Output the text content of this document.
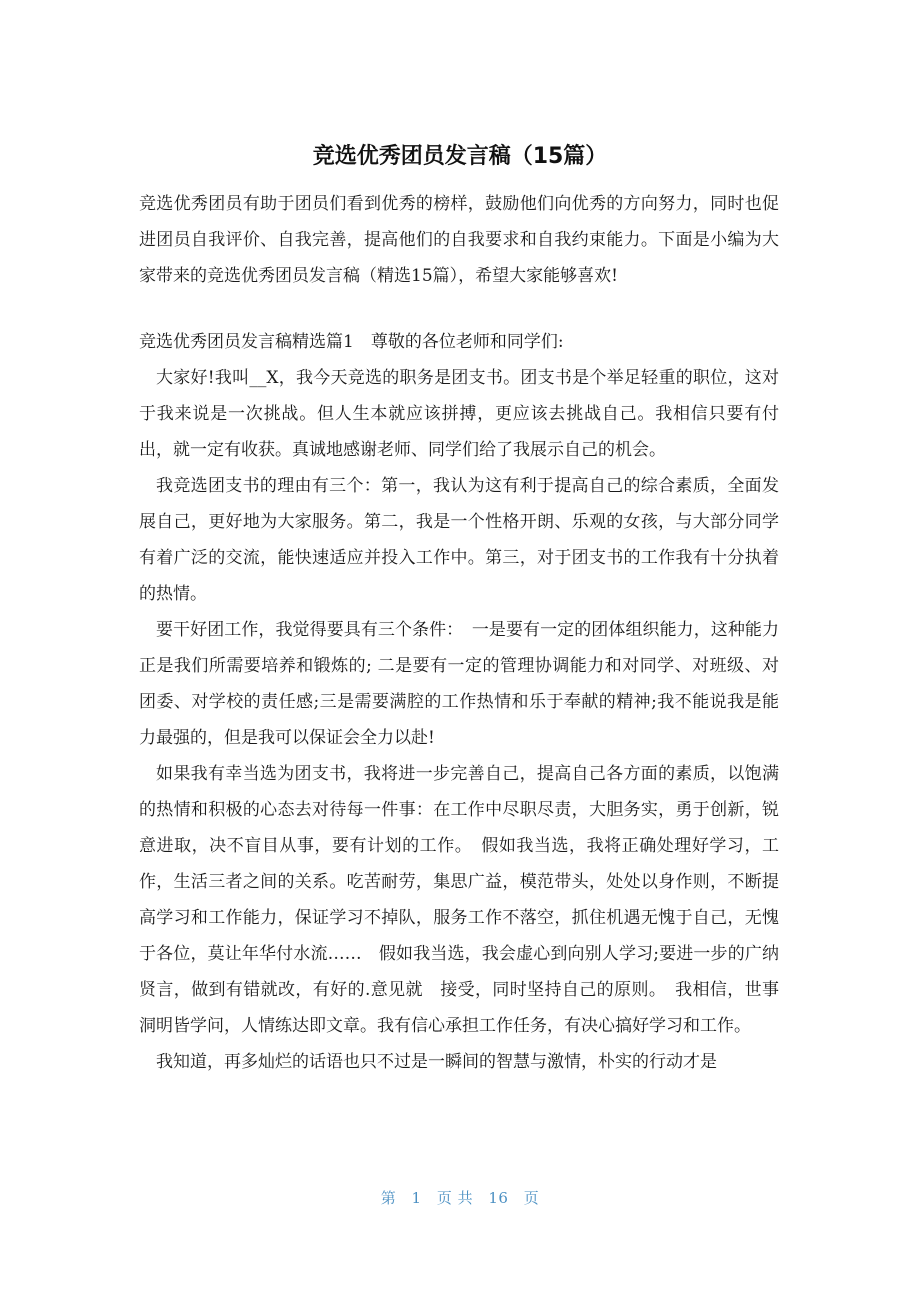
竞选优秀团员发言稿（15篇）

竞选优秀团员有助于团员们看到优秀的榜样，鼓励他们向优秀的方向努力，同时也促进团员自我评价、自我完善，提高他们的自我要求和自我约束能力。下面是小编为大家带来的竞选优秀团员发言稿（精选15篇），希望大家能够喜欢!

竞选优秀团员发言稿精选篇1　尊敬的各位老师和同学们:

大家好!我叫__X，我今天竞选的职务是团支书。团支书是个举足轻重的职位，这对于我来说是一次挑战。但人生本就应该拼搏，更应该去挑战自己。我相信只要有付出，就一定有收获。真诚地感谢老师、同学们给了我展示自己的机会。

我竞选团支书的理由有三个：第一，我认为这有利于提高自己的综合素质，全面发展自己，更好地为大家服务。第二，我是一个性格开朗、乐观的女孩，与大部分同学有着广泛的交流，能快速适应并投入工作中。第三，对于团支书的工作我有十分执着的热情。

要干好团工作，我觉得要具有三个条件：　一是要有一定的团体组织能力，这种能力正是我们所需要培养和锻炼的; 二是要有一定的管理协调能力和对同学、对班级、对团委、对学校的责任感;三是需要满腔的工作热情和乐于奉献的精神;我不能说我是能力最强的，但是我可以保证会全力以赴!

如果我有幸当选为团支书，我将进一步完善自己，提高自己各方面的素质，以饱满的热情和积极的心态去对待每一件事：在工作中尽职尽责，大胆务实，勇于创新，锐意进取，决不盲目从事，要有计划的工作。　假如我当选，我将正确处理好学习，工作，生活三者之间的关系。吃苦耐劳，集思广益，模范带头，处处以身作则，不断提高学习和工作能力，保证学习不掉队，服务工作不落空，抓住机遇无愧于自己，无愧于各位，莫让年华付水流……　假如我当选，我会虚心到向别人学习;要进一步的广纳贤言，做到有错就改，有好的.意见就　接受，同时坚持自己的原则。　我相信，世事洞明皆学问，人情练达即文章。我有信心承担工作任务，有决心搞好学习和工作。

我知道，再多灿烂的话语也只不过是一瞬间的智慧与激情，朴实的行动才是

第 1 页 共 16 页
